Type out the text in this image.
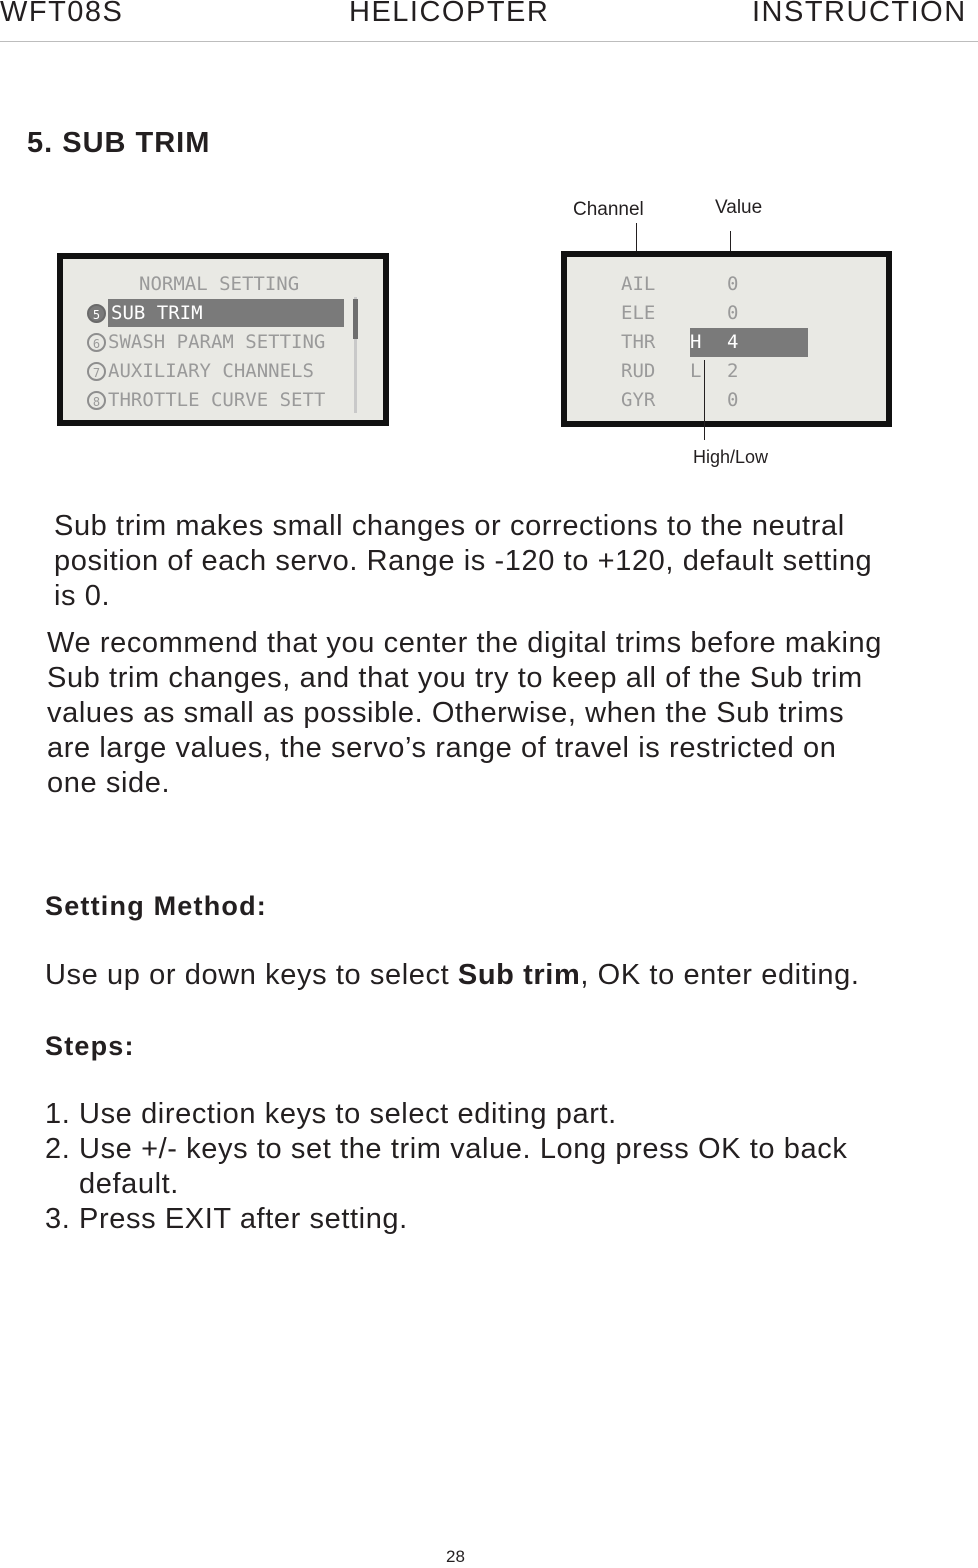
WFT08S	HELICOPTER	INSTRUCTION
5. SUB TRIM
NORMAL SETTING
5 SUB TRIM
6 SWASH PARAM SETTING
7 AUXILIARY CHANNELS
8 THROTTLE CURVE SETT
Channel	Value
AIL	0
ELE	0
THR H 4
RUD L 2
GYR	0
High/Low
Sub trim makes small changes or corrections to the neutral
position of each servo. Range is -120 to +120, default setting
is 0.
We recommend that you center the digital trims before making
Sub trim changes, and that you try to keep all of the Sub trim
values as small as possible. Otherwise, when the Sub trims
are large values, the servo’s range of travel is restricted on
one side.
Setting Method:
Use up or down keys to select Sub trim, OK to enter editing.
Steps:
1. Use direction keys to select editing part.
2. Use +/- keys to set the trim value. Long press OK to back
default.
3. Press EXIT after setting.
28
